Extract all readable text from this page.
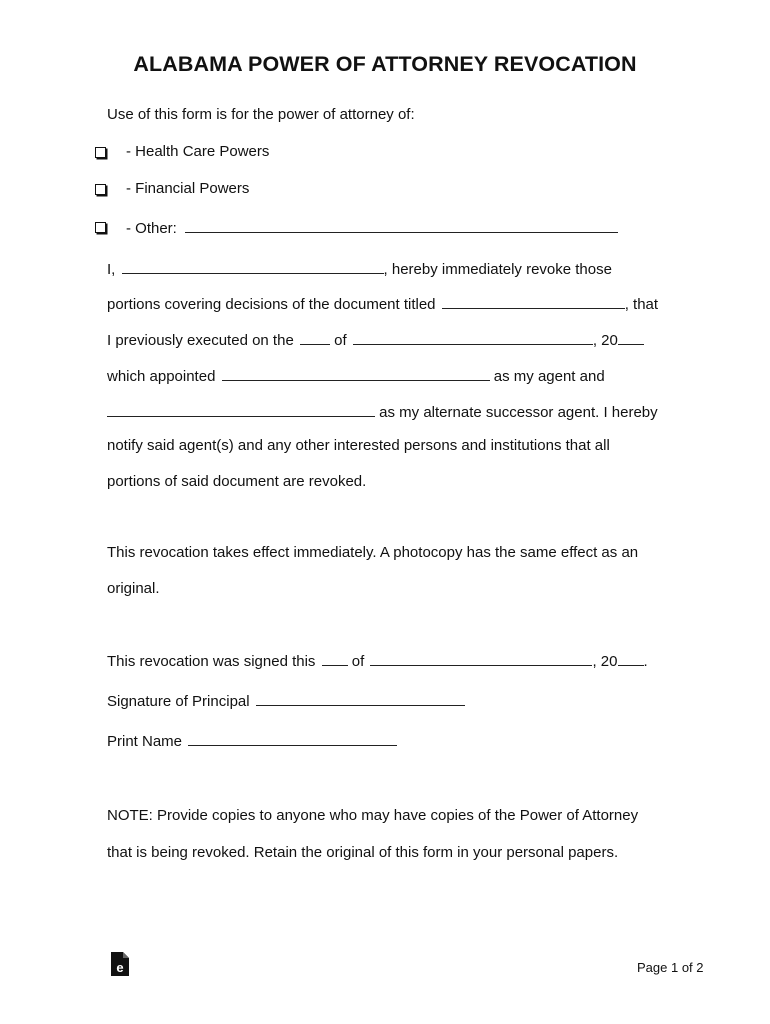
ALABAMA POWER OF ATTORNEY REVOCATION
Use of this form is for the power of attorney of:
- Health Care Powers
- Financial Powers
- Other:
I,	, hereby immediately revoke those
portions covering decisions of the document titled	, that
I previously executed on the	of	, 20
which appointed	as my agent and
as my alternate successor agent. I hereby
notify said agent(s) and any other interested persons and institutions that all
portions of said document are revoked.
This revocation takes effect immediately. A photocopy has the same effect as an
original.
This revocation was signed this of	, 20 .
Signature of Principal
Print Name
NOTE: Provide copies to anyone who may have copies of the Power of Attorney
that is being revoked. Retain the original of this form in your personal papers.
e	Page 1 of 2
